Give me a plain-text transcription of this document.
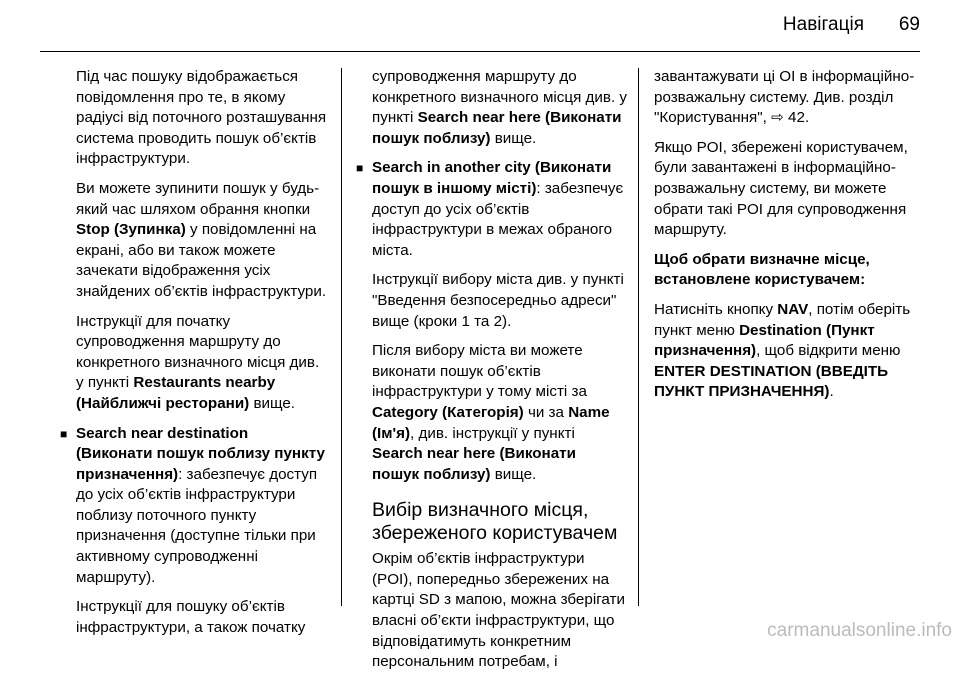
Навігація 69

Під час пошуку відображається повідомлення про те, в якому радіусі від поточного розташування система проводить пошук об’єктів інфраструктури.

Ви можете зупинити пошук у будь-який час шляхом обрання кнопки Stop (Зупинка) у повідомленні на екрані, або ви також можете зачекати відображення усіх знайдених об’єктів інфраструктури.

Інструкції для початку супроводження маршруту до конкретного визначного місця див. у пункті Restaurants nearby (Найближчі ресторани) вище.

■ Search near destination (Виконати пошук поблизу пункту призначення): забезпечує доступ до усіх об’єктів інфраструктури поблизу поточного пункту призначення (доступне тільки при активному супроводженні маршруту).

Інструкції для пошуку об’єктів інфраструктури, а також початку

супроводження маршруту до конкретного визначного місця див. у пункті Search near here (Виконати пошук поблизу) вище.

■ Search in another city (Виконати пошук в іншому місті): забезпечує доступ до усіх об’єктів інфраструктури в межах обраного міста.

Інструкції вибору міста див. у пункті "Введення безпосередньо адреси" вище (кроки 1 та 2).

Після вибору міста ви можете виконати пошук об’єктів інфраструктури у тому місті за Category (Категорія) чи за Name (Ім'я), див. інструкції у пункті Search near here (Виконати пошук поблизу) вище.

Вибір визначного місця, збереженого користувачем

Окрім об’єктів інфраструктури (POI), попередньо збережених на картці SD з мапою, можна зберігати власні об’єкти інфраструктури, що відповідатимуть конкретним персональним потребам, і

завантажувати ці ОІ в інформаційно-розважальну систему. Див. розділ "Користування", ⇨ 42.

Якщо POI, збережені користувачем, були завантажені в інформаційно-розважальну систему, ви можете обрати такі POI для супроводження маршруту.

Щоб обрати визначне місце, встановлене користувачем:

Натисніть кнопку NAV, потім оберіть пункт меню Destination (Пункт призначення), щоб відкрити меню ENTER DESTINATION (ВВЕДІТЬ ПУНКТ ПРИЗНАЧЕННЯ).

carmanualsonline.info
